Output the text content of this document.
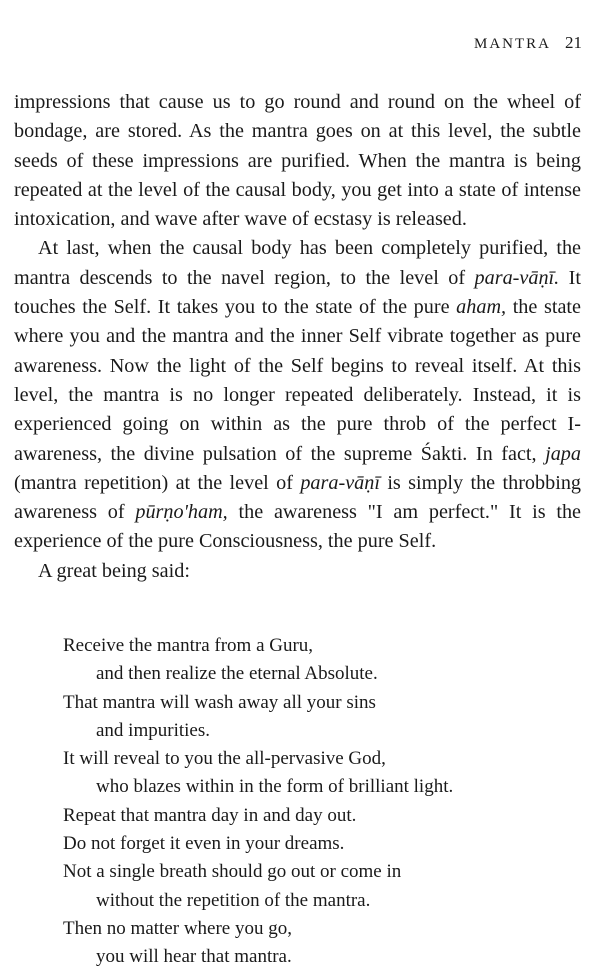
MANTRA 21

impressions that cause us to go round and round on the wheel of bondage, are stored. As the mantra goes on at this level, the subtle seeds of these impressions are purified. When the mantra is being repeated at the level of the causal body, you get into a state of intense intoxication, and wave after wave of ecstasy is released.

At last, when the causal body has been completely purified, the mantra descends to the navel region, to the level of para-vāṇī. It touches the Self. It takes you to the state of the pure aham, the state where you and the mantra and the inner Self vibrate together as pure awareness. Now the light of the Self begins to reveal itself. At this level, the mantra is no longer repeated deliberately. Instead, it is experienced going on within as the pure throb of the perfect I-awareness, the divine pulsation of the supreme Śakti. In fact, japa (mantra repetition) at the level of para-vāṇī is simply the throbbing awareness of pūrṇo'ham, the awareness "I am perfect." It is the experience of the pure Consciousness, the pure Self.

A great being said:

Receive the mantra from a Guru,
and then realize the eternal Absolute.
That mantra will wash away all your sins
and impurities.
It will reveal to you the all-pervasive God,
who blazes within in the form of brilliant light.
Repeat that mantra day in and day out.
Do not forget it even in your dreams.
Not a single breath should go out or come in
without the repetition of the mantra.
Then no matter where you go,
you will hear that mantra.
